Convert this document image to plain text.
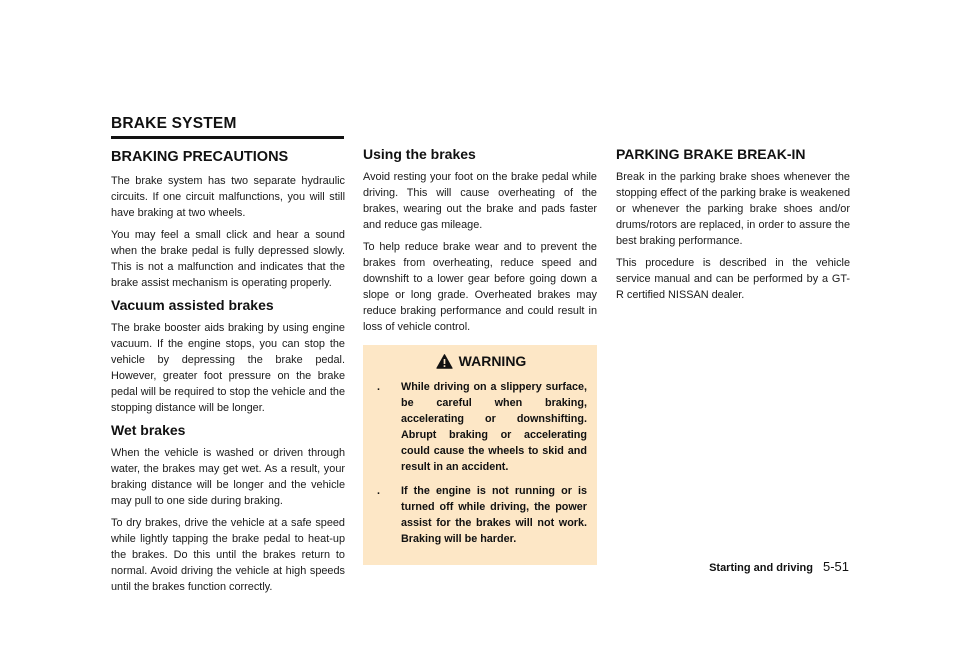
BRAKE SYSTEM
BRAKING PRECAUTIONS

The brake system has two separate hydraulic circuits. If one circuit malfunctions, you will still have braking at two wheels.

You may feel a small click and hear a sound when the brake pedal is fully depressed slowly. This is not a malfunction and indicates that the brake assist mechanism is operating properly.

Vacuum assisted brakes

The brake booster aids braking by using engine vacuum. If the engine stops, you can stop the vehicle by depressing the brake pedal. However, greater foot pressure on the brake pedal will be required to stop the vehicle and the stopping distance will be longer.

Wet brakes

When the vehicle is washed or driven through water, the brakes may get wet. As a result, your braking distance will be longer and the vehicle may pull to one side during braking.

To dry brakes, drive the vehicle at a safe speed while lightly tapping the brake pedal to heat-up the brakes. Do this until the brakes return to normal. Avoid driving the vehicle at high speeds until the brakes function correctly.

Using the brakes

Avoid resting your foot on the brake pedal while driving. This will cause overheating of the brakes, wearing out the brake and pads faster and reduce gas mileage.

To help reduce brake wear and to prevent the brakes from overheating, reduce speed and downshift to a lower gear before going down a slope or long grade. Overheated brakes may reduce braking performance and could result in loss of vehicle control.

WARNING
. While driving on a slippery surface, be careful when braking, accelerating or downshifting. Abrupt braking or accelerating could cause the wheels to skid and result in an accident.
. If the engine is not running or is turned off while driving, the power assist for the brakes will not work. Braking will be harder.
PARKING BRAKE BREAK-IN

Break in the parking brake shoes whenever the stopping effect of the parking brake is weakened or whenever the parking brake shoes and/or drums/rotors are replaced, in order to assure the best braking performance.

This procedure is described in the vehicle service manual and can be performed by a GT-R certified NISSAN dealer.

Starting and driving 5-51
